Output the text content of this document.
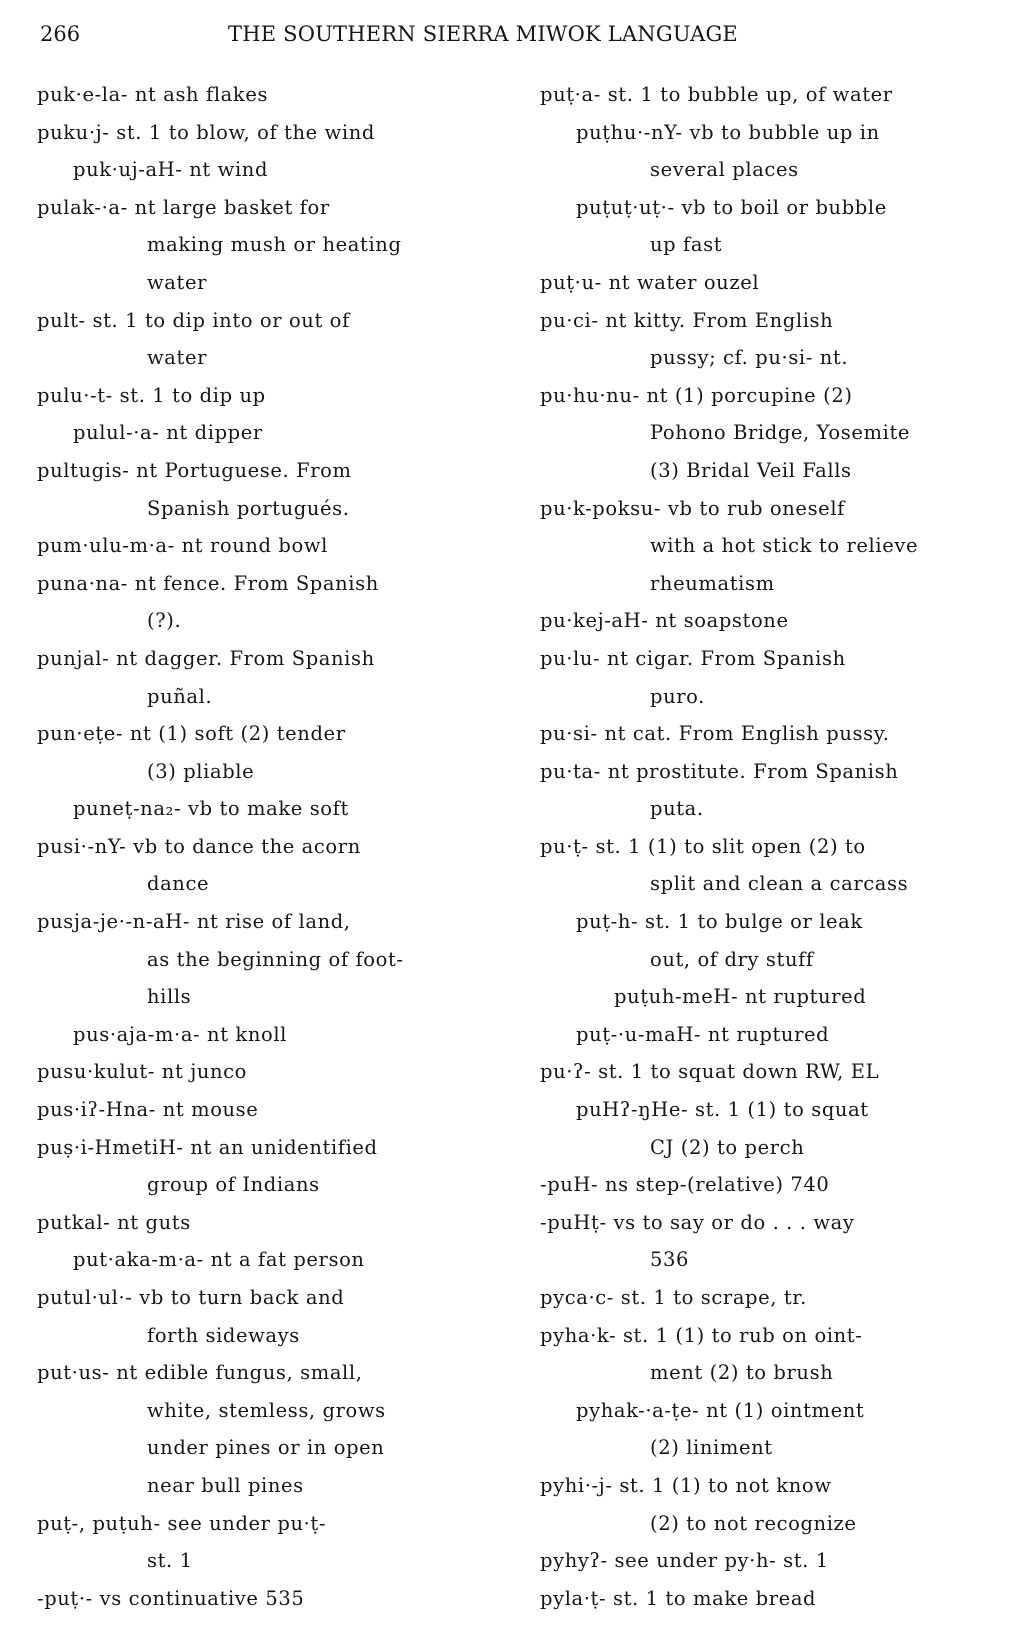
266	THE SOUTHERN SIERRA MIWOK LANGUAGE
puk·e-la- nt ash flakes
puku·j- st. 1 to blow, of the wind
puk·uj-aH- nt wind
pulak-·a- nt large basket for
making mush or heating
water
pult- st. 1 to dip into or out of
water
pulu·-t- st. 1 to dip up
pulul-·a- nt dipper
pultugis- nt Portuguese. From
Spanish portugués.
pum·ulu-m·a- nt round bowl
puna·na- nt fence. From Spanish
(?).
punjal- nt dagger. From Spanish
puñal.
pun·eṭe- nt (1) soft (2) tender
(3) pliable
puneṭ-na₂- vb to make soft
pusi·-nY- vb to dance the acorn
dance
pusja-je·-n-aH- nt rise of land,
as the beginning of foot-
hills
pus·aja-m·a- nt knoll
pusu·kulut- nt junco
pus·iʔ-Hna- nt mouse
puṣ·i-HmetiH- nt an unidentified
group of Indians
putkal- nt guts
put·aka-m·a- nt a fat person
putul·ul·- vb to turn back and
forth sideways
put·us- nt edible fungus, small,
white, stemless, grows
under pines or in open
near bull pines
puṭ-, puṭuh- see under pu·ṭ-
st. 1
-puṭ·- vs continuative 535
puṭ·a- st. 1 to bubble up, of water
puṭhu·-nY- vb to bubble up in
several places
puṭuṭ·uṭ·- vb to boil or bubble
up fast
puṭ·u- nt water ouzel
pu·ci- nt kitty. From English
pussy; cf. pu·si- nt.
pu·hu·nu- nt (1) porcupine (2)
Pohono Bridge, Yosemite
(3) Bridal Veil Falls
pu·k-poksu- vb to rub oneself
with a hot stick to relieve
rheumatism
pu·kej-aH- nt soapstone
pu·lu- nt cigar. From Spanish
puro.
pu·si- nt cat. From English pussy.
pu·ta- nt prostitute. From Spanish
puta.
pu·ṭ- st. 1 (1) to slit open (2) to
split and clean a carcass
puṭ-h- st. 1 to bulge or leak
out, of dry stuff
puṭuh-meH- nt ruptured
puṭ-·u-maH- nt ruptured
pu·ʔ- st. 1 to squat down RW, EL
puHʔ-ŋHe- st. 1 (1) to squat
CJ (2) to perch
-puH- ns step-(relative) 740
-puHṭ- vs to say or do . . . way
536
pyca·c- st. 1 to scrape, tr.
pyha·k- st. 1 (1) to rub on oint-
ment (2) to brush
pyhak-·a-ṭe- nt (1) ointment
(2) liniment
pyhi·-j- st. 1 (1) to not know
(2) to not recognize
pyhyʔ- see under py·h- st. 1
pyla·ṭ- st. 1 to make bread
